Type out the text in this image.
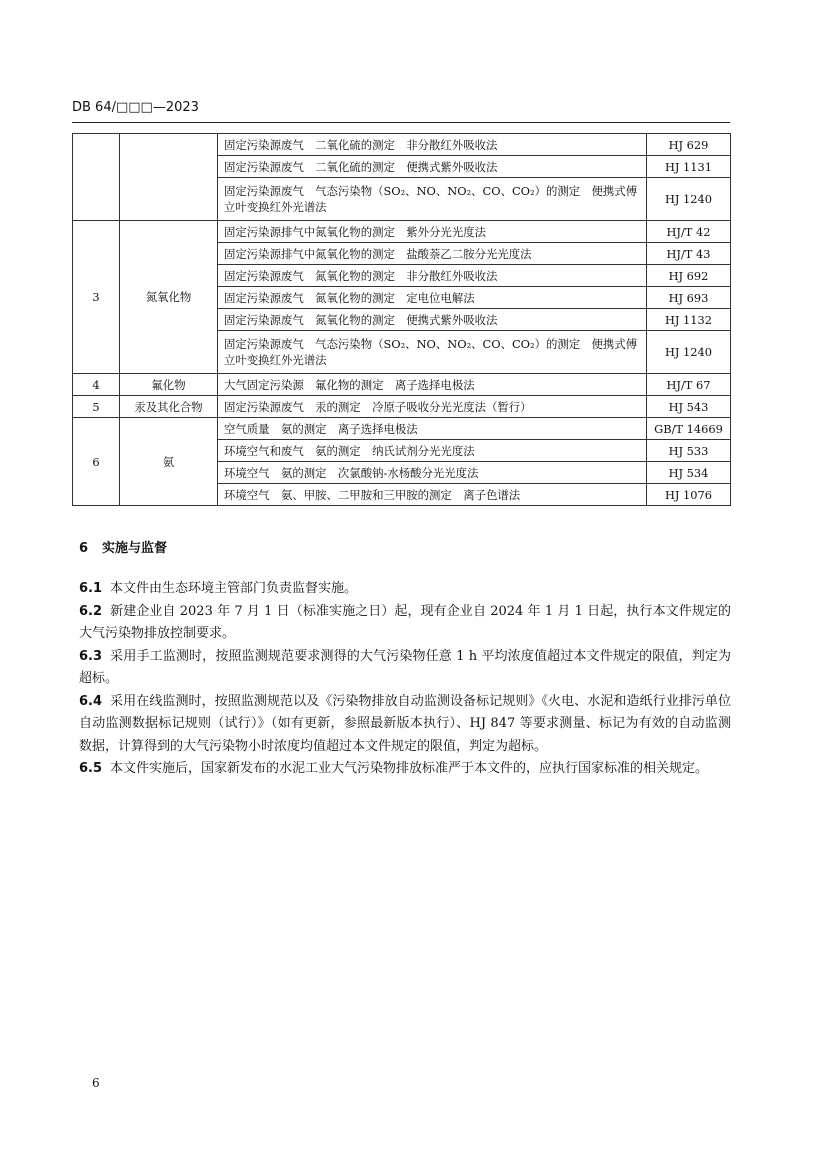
DB 64/□□□—2023
		固定污染源废气　二氧化硫的测定　非分散红外吸收法	HJ 629
		固定污染源废气　二氧化硫的测定　便携式紫外吸收法	HJ 1131
		固定污染源废气　气态污染物（SO₂、NO、NO₂、CO、CO₂）的测定　便携式傅立叶变换红外光谱法	HJ 1240
3	氮氧化物	固定污染源排气中氮氧化物的测定　紫外分光光度法	HJ/T 42
		固定污染源排气中氮氧化物的测定　盐酸萘乙二胺分光光度法	HJ/T 43
		固定污染源废气　氮氧化物的测定　非分散红外吸收法	HJ 692
		固定污染源废气　氮氧化物的测定　定电位电解法	HJ 693
		固定污染源废气　氮氧化物的测定　便携式紫外吸收法	HJ 1132
		固定污染源废气　气态污染物（SO₂、NO、NO₂、CO、CO₂）的测定　便携式傅立叶变换红外光谱法	HJ 1240
4	氟化物	大气固定污染源　氟化物的测定　离子选择电极法	HJ/T 67
5	汞及其化合物	固定污染源废气　汞的测定　冷原子吸收分光光度法（暂行）	HJ 543
6	氨	空气质量　氨的测定　离子选择电极法	GB/T 14669
		环境空气和废气　氨的测定　纳氏试剂分光光度法	HJ 533
		环境空气　氨的测定　次氯酸钠-水杨酸分光光度法	HJ 534
		环境空气　氨、甲胺、二甲胺和三甲胺的测定　离子色谱法	HJ 1076
6 实施与监督

6.1 本文件由生态环境主管部门负责监督实施。

6.2 新建企业自 2023 年 7 月 1 日（标准实施之日）起，现有企业自 2024 年 1 月 1 日起，执行本文件规定的大气污染物排放控制要求。

6.3 采用手工监测时，按照监测规范要求测得的大气污染物任意 1 h 平均浓度值超过本文件规定的限值，判定为超标。

6.4 采用在线监测时，按照监测规范以及《污染物排放自动监测设备标记规则》《火电、水泥和造纸行业排污单位自动监测数据标记规则（试行）》（如有更新，参照最新版本执行）、HJ 847 等要求测量、标记为有效的自动监测数据，计算得到的大气污染物小时浓度均值超过本文件规定的限值，判定为超标。

6.5 本文件实施后，国家新发布的水泥工业大气污染物排放标准严于本文件的，应执行国家标准的相关规定。

6
